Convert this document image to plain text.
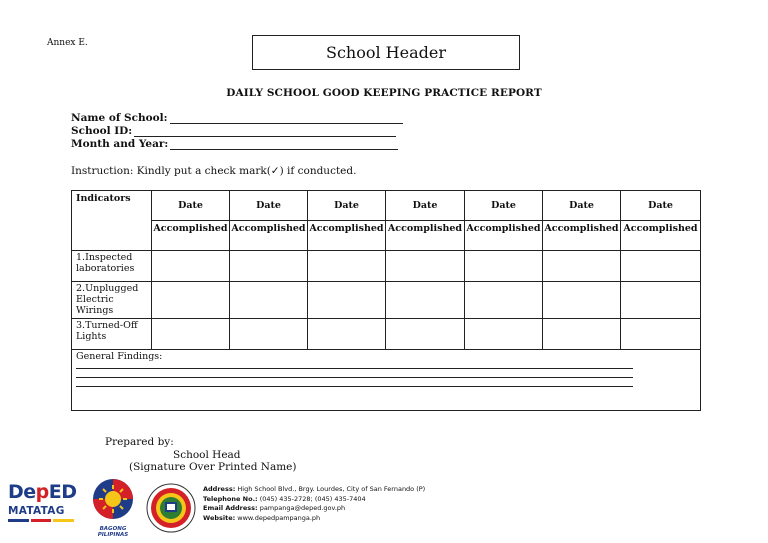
Annex E.	School Header
DAILY SCHOOL GOOD KEEPING PRACTICE REPORT
Name of School:
School ID:
Month and Year:
Instruction: Kindly put a check mark(✓) if conducted.
Indicators	Date	Date	Date	Date	Date	Date	Date
	Accomplished	Accomplished	Accomplished	Accomplished	Accomplished	Accomplished	Accomplished

1.Inspected
laboratories							

2.Unplugged
Electric
Wirings							

3.Turned-Off
Lights							

General Findings:							
Prepared by:
School Head
(Signature Over Printed Name)
DepED
MATATAG
BAGONG PILIPINAS
Address: High School Blvd., Brgy. Lourdes, City of San Fernando (P)
Telephone No.: (045) 435-2728; (045) 435-7404
Email Address: pampanga@deped.gov.ph
Website: www.depedpampanga.ph
